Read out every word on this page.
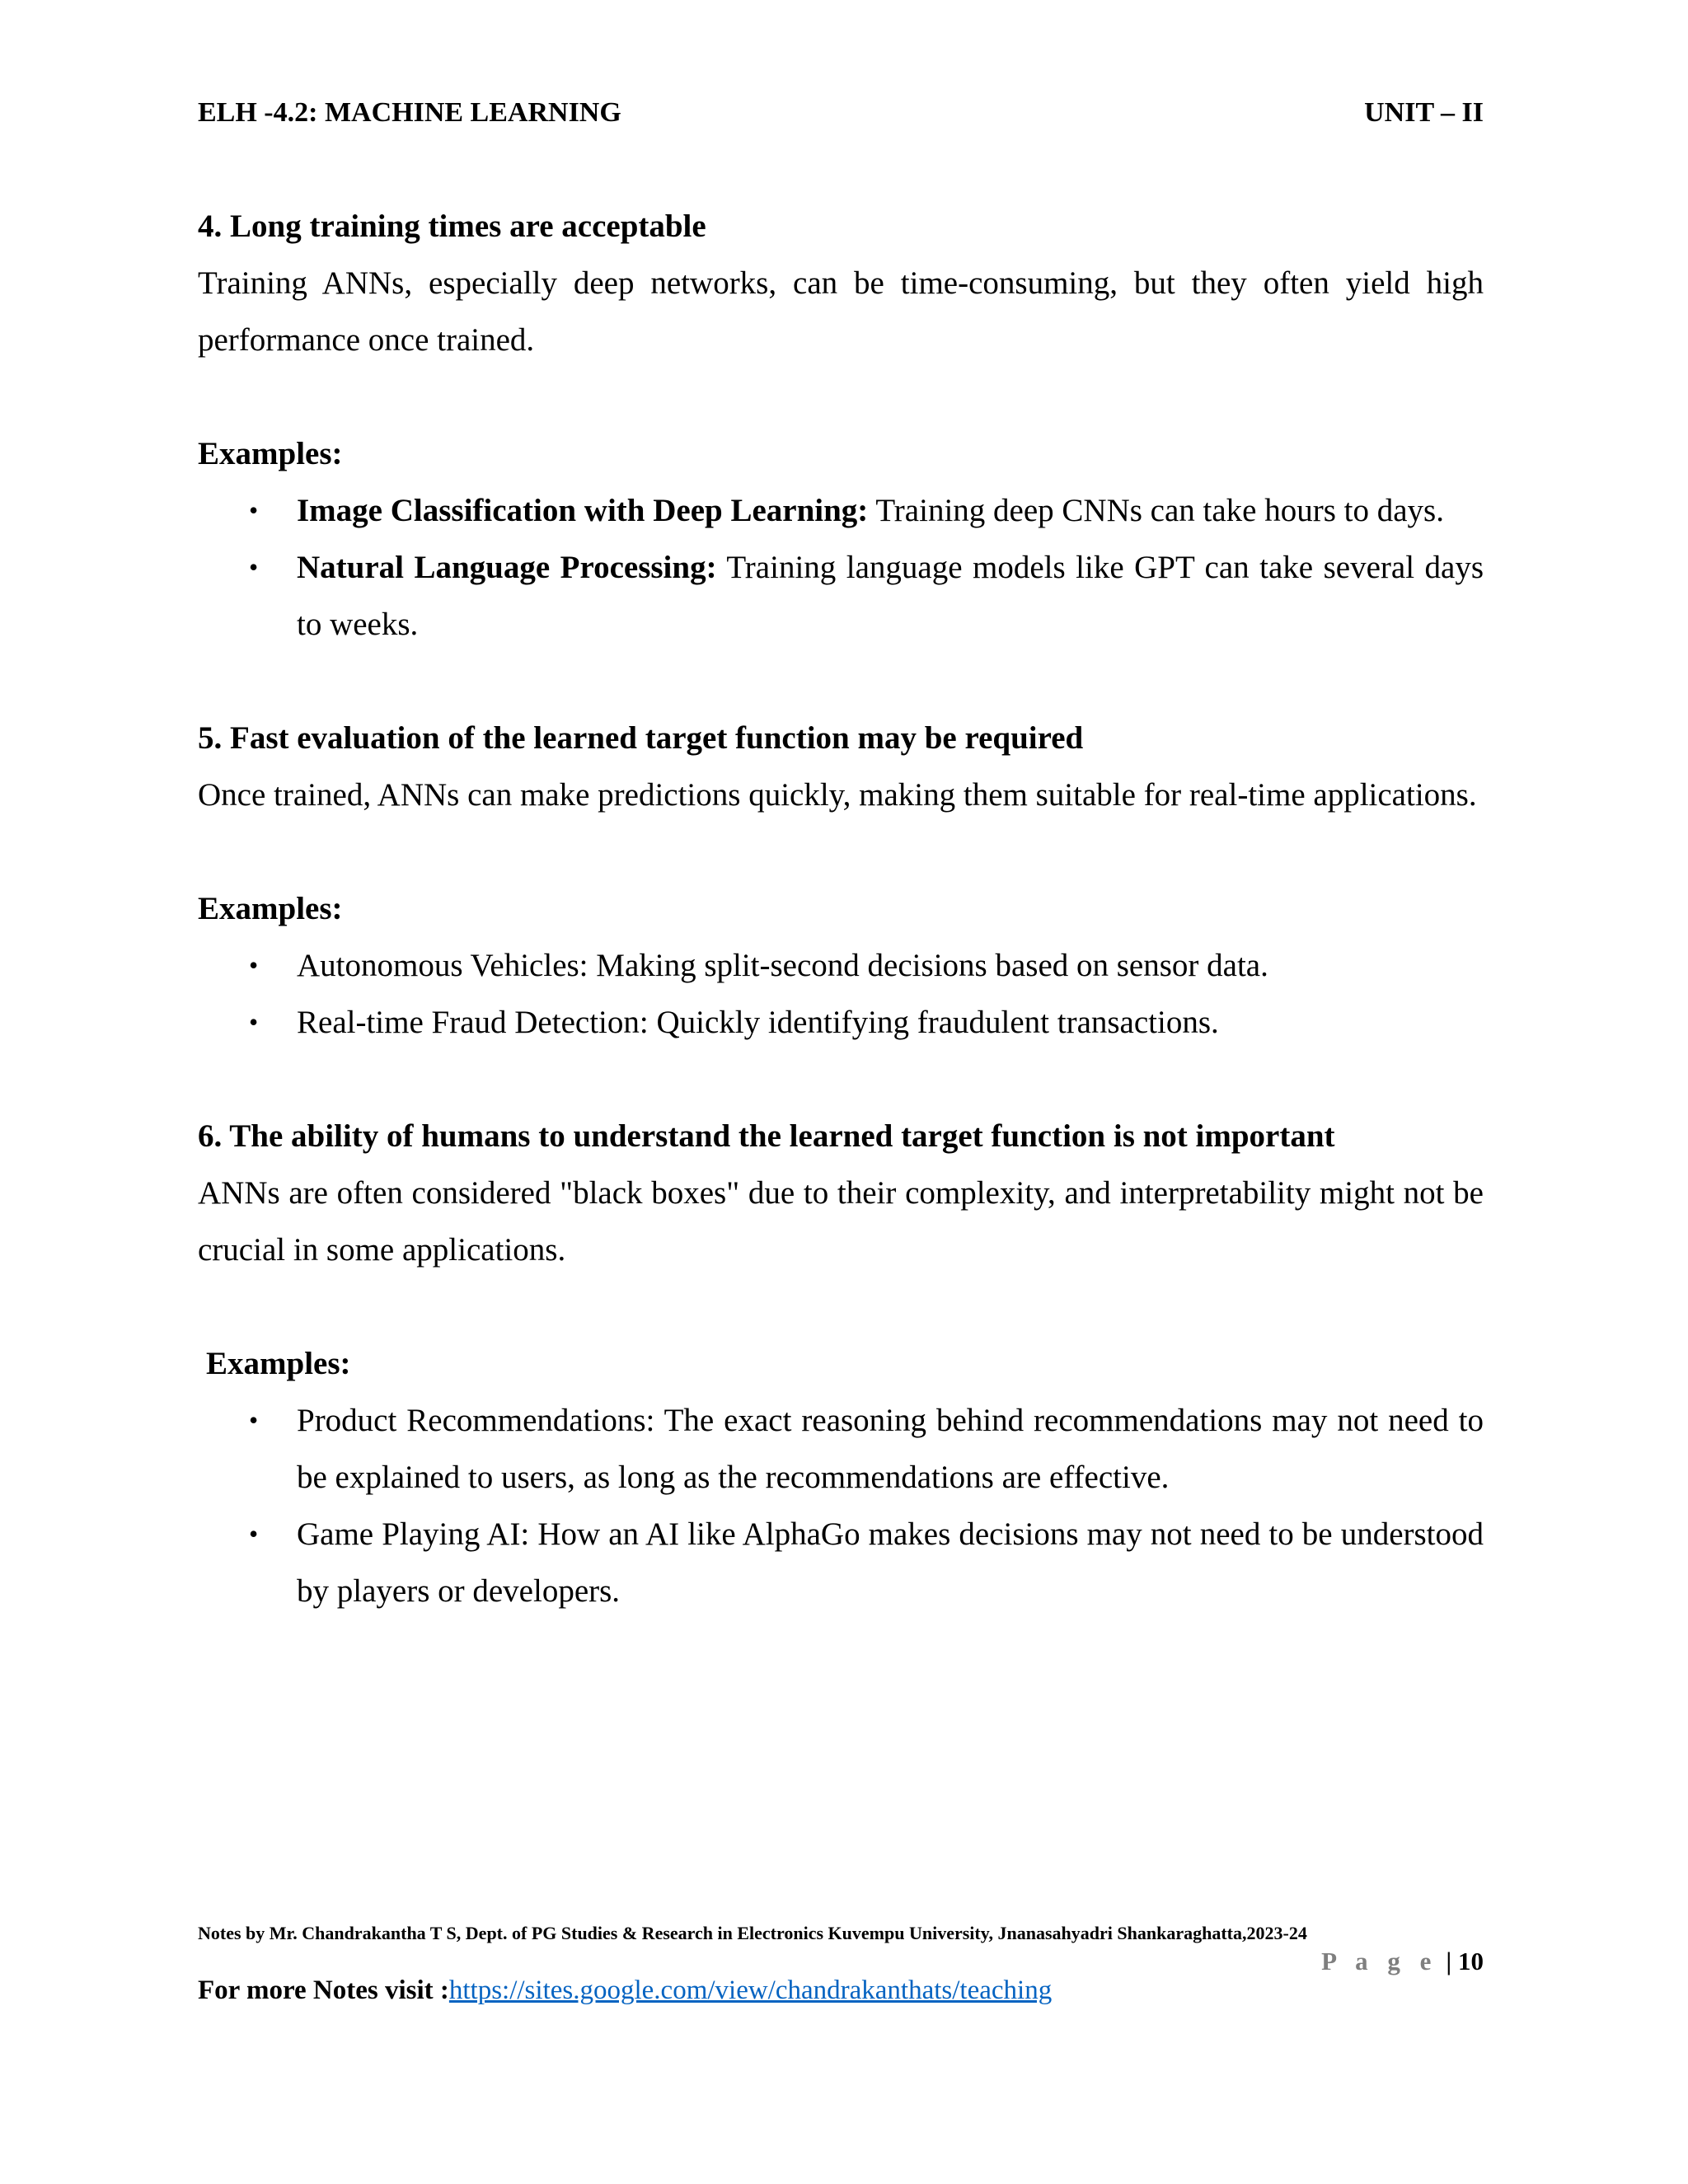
ELH -4.2: MACHINE LEARNING	UNIT – II

4. Long training times are acceptable

Training ANNs, especially deep networks, can be time-consuming, but they often yield high performance once trained.

Examples:

• Image Classification with Deep Learning: Training deep CNNs can take hours to days.
• Natural Language Processing: Training language models like GPT can take several days to weeks.

5. Fast evaluation of the learned target function may be required

Once trained, ANNs can make predictions quickly, making them suitable for real-time applications.

Examples:

• Autonomous Vehicles: Making split-second decisions based on sensor data.
• Real-time Fraud Detection: Quickly identifying fraudulent transactions.

6. The ability of humans to understand the learned target function is not important

ANNs are often considered "black boxes" due to their complexity, and interpretability might not be crucial in some applications.

Examples:

• Product Recommendations: The exact reasoning behind recommendations may not need to be explained to users, as long as the recommendations are effective.
• Game Playing AI: How an AI like AlphaGo makes decisions may not need to be understood by players or developers.
Notes by Mr. Chandrakantha T S, Dept. of PG Studies & Research in Electronics Kuvempu University, Jnanasahyadri Shankaraghatta,2023-24
P a g e | 10
For more Notes visit :https://sites.google.com/view/chandrakanthats/teaching
